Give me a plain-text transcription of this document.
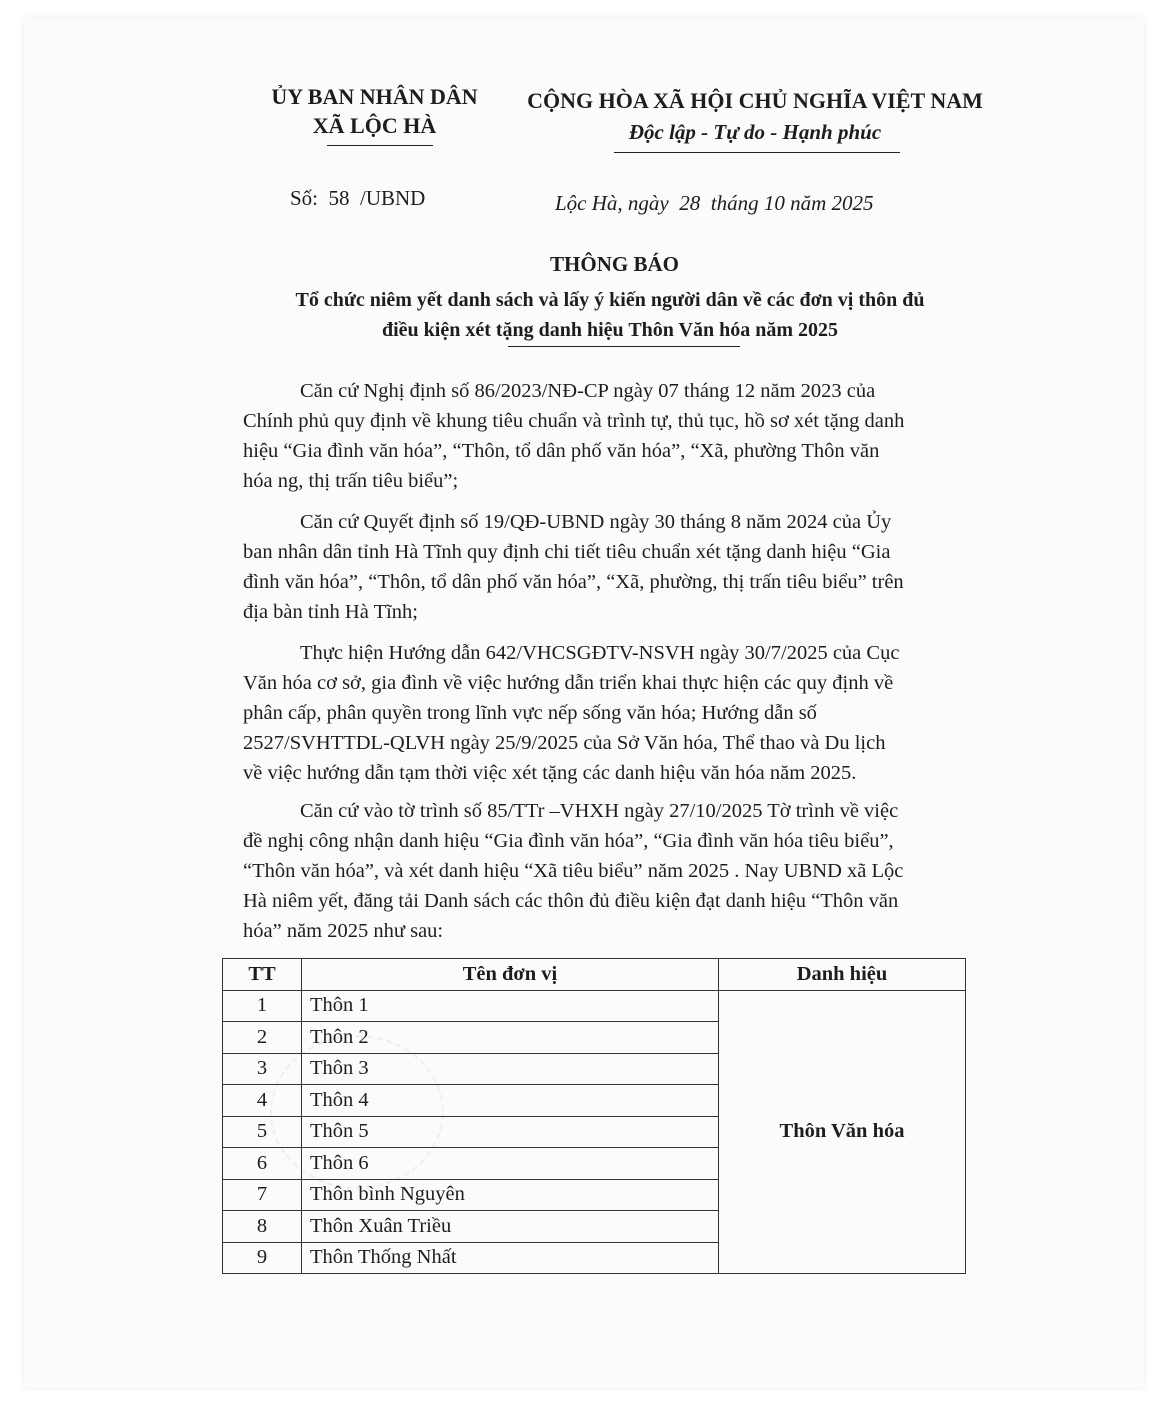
ỦY BAN NHÂN DÂN
XÃ LỘC HÀ
CỘNG HÒA XÃ HỘI CHỦ NGHĨA VIỆT NAM
Độc lập - Tự do - Hạnh phúc
Số:  58  /UBND	Lộc Hà, ngày  28  tháng 10 năm 2025
THÔNG BÁO
Tổ chức niêm yết danh sách và lấy ý kiến người dân về các đơn vị thôn đủ
điều kiện xét tặng danh hiệu Thôn Văn hóa năm 2025
Căn cứ Nghị định số 86/2023/NĐ-CP ngày 07 tháng 12 năm 2023 của
Chính phủ quy định về khung tiêu chuẩn và trình tự, thủ tục, hồ sơ xét tặng danh
hiệu “Gia đình văn hóa”, “Thôn, tổ dân phố văn hóa”, “Xã, phường Thôn văn
hóa ng, thị trấn tiêu biểu”;
Căn cứ Quyết định số 19/QĐ-UBND ngày 30 tháng 8 năm 2024 của Ủy
ban nhân dân tỉnh Hà Tĩnh quy định chi tiết tiêu chuẩn xét tặng danh hiệu “Gia
đình văn hóa”, “Thôn, tổ dân phố văn hóa”, “Xã, phường, thị trấn tiêu biểu” trên
địa bàn tỉnh Hà Tĩnh;
Thực hiện Hướng dẫn 642/VHCSGĐTV-NSVH ngày 30/7/2025 của Cục
Văn hóa cơ sở, gia đình về việc hướng dẫn triển khai thực hiện các quy định về
phân cấp, phân quyền trong lĩnh vực nếp sống văn hóa; Hướng dẫn số
2527/SVHTTDL-QLVH ngày 25/9/2025 của Sở Văn hóa, Thể thao và Du lịch
về việc hướng dẫn tạm thời việc xét tặng các danh hiệu văn hóa năm 2025.
Căn cứ vào tờ trình số 85/TTr –VHXH ngày 27/10/2025 Tờ trình về việc
đề nghị công nhận danh hiệu “Gia đình văn hóa”, “Gia đình văn hóa tiêu biểu”,
“Thôn văn hóa”, và xét danh hiệu “Xã tiêu biểu” năm 2025 . Nay UBND xã Lộc
Hà niêm yết, đăng tải Danh sách các thôn đủ điều kiện đạt danh hiệu “Thôn văn
hóa” năm 2025 như sau:
TT	Tên đơn vị	Danh hiệu
1	Thôn 1	Thôn Văn hóa
2	Thôn 2	
3	Thôn 3	
4	Thôn 4	
5	Thôn 5	
6	Thôn 6	
7	Thôn bình Nguyên	
8	Thôn Xuân Triều	
9	Thôn Thống Nhất	
